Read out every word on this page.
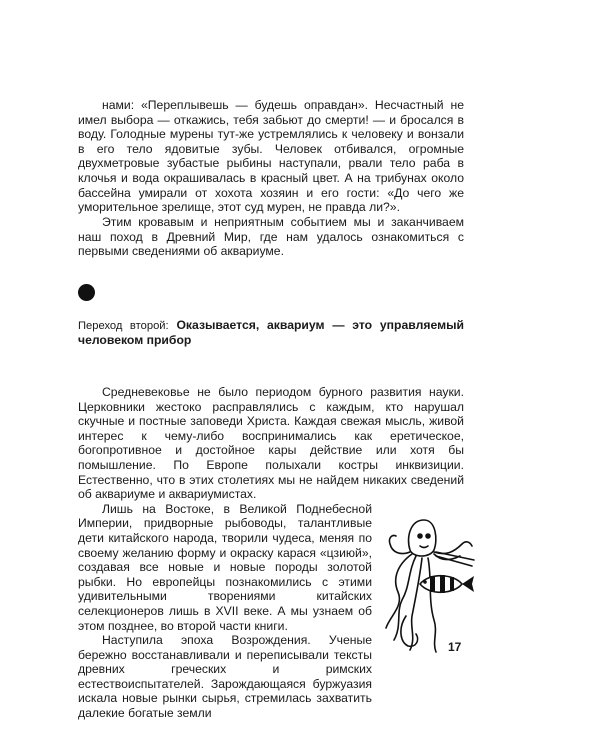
нами: «Переплывешь — будешь оправдан». Несчастный не имел выбора — откажись, тебя забьют до смерти! — и бросался в воду. Голодные мурены тут-же устремлялись к человеку и вонзали в его тело ядовитые зубы. Человек отбивался, огромные двухметровые зубастые рыбины наступали, рвали тело раба в клочья и вода окрашивалась в красный цвет. А на трибунах около бассейна умирали от хохота хозяин и его гости: «До чего же уморительное зрелище, этот суд мурен, не правда ли?».

Этим кровавым и неприятным событием мы и заканчиваем наш поход в Древний Мир, где нам удалось ознакомиться с первыми сведениями об аквариуме.

Переход второй: Оказывается, аквариум — это управляемый человеком прибор

Средневековье не было периодом бурного развития науки. Церковники жестоко расправлялись с каждым, кто нарушал скучные и постные заповеди Христа. Каждая свежая мысль, живой интерес к чему-либо воспринимались как еретическое, богопротивное и достойное кары действие или хотя бы помышление. По Европе полыхали костры инквизиции. Естественно, что в этих столетиях мы не найдем никаких сведений об аквариуме и аквариумистах.

Лишь на Востоке, в Великой Поднебесной Империи, придворные рыбоводы, талантливые дети китайского народа, творили чудеса, меняя по своему желанию форму и окраску карася «цзиюй», создавая все новые и новые породы золотой рыбки. Но европейцы познакомились с этими удивительными творениями китайских селекционеров лишь в XVII веке. А мы узнаем об этом позднее, во второй части книги.

Наступила эпоха Возрождения. Ученые бережно восстанавливали и переписывали тексты древних греческих и римских естествоиспытателей. Зарождающаяся буржуазия искала новые рынки сырья, стремилась захватить далекие богатые земли

17
